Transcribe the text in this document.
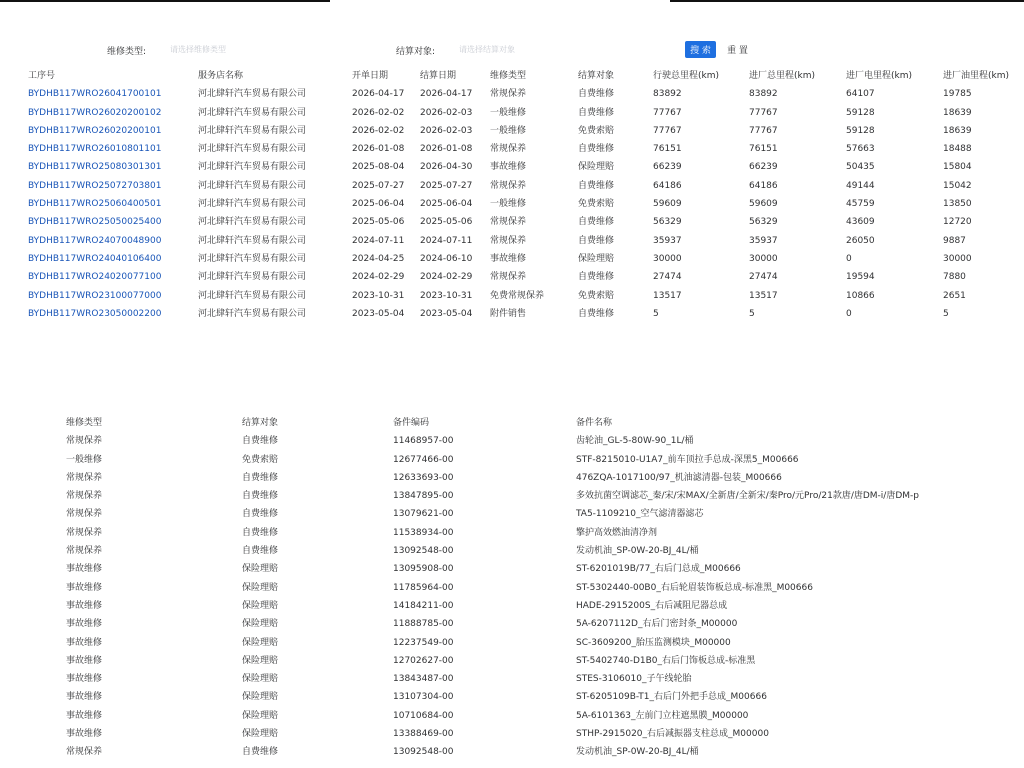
维修类型:
请选择维修类型	结算对象:
请选择结算对象	搜 索	重 置
工序号	服务店名称	开单日期	结算日期	维修类型	结算对象	行驶总里程(km)	进厂总里程(km)	进厂电里程(km)	进厂油里程(km)
BYDHB117WRO26041700101	河北肆轩汽车贸易有限公司	2026-04-17	2026-04-17	常规保养	自费维修	83892	83892	64107	19785
BYDHB117WRO26020200102	河北肆轩汽车贸易有限公司	2026-02-02	2026-02-03	一般维修	自费维修	77767	77767	59128	18639
BYDHB117WRO26020200101	河北肆轩汽车贸易有限公司	2026-02-02	2026-02-03	一般维修	免费索赔	77767	77767	59128	18639
BYDHB117WRO26010801101	河北肆轩汽车贸易有限公司	2026-01-08	2026-01-08	常规保养	自费维修	76151	76151	57663	18488
BYDHB117WRO25080301301	河北肆轩汽车贸易有限公司	2025-08-04	2026-04-30	事故维修	保险理赔	66239	66239	50435	15804
BYDHB117WRO25072703801	河北肆轩汽车贸易有限公司	2025-07-27	2025-07-27	常规保养	自费维修	64186	64186	49144	15042
BYDHB117WRO25060400501	河北肆轩汽车贸易有限公司	2025-06-04	2025-06-04	一般维修	免费索赔	59609	59609	45759	13850
BYDHB117WRO25050025400	河北肆轩汽车贸易有限公司	2025-05-06	2025-05-06	常规保养	自费维修	56329	56329	43609	12720
BYDHB117WRO24070048900	河北肆轩汽车贸易有限公司	2024-07-11	2024-07-11	常规保养	自费维修	35937	35937	26050	9887
BYDHB117WRO24040106400	河北肆轩汽车贸易有限公司	2024-04-25	2024-06-10	事故维修	保险理赔	30000	30000	0	30000
BYDHB117WRO24020077100	河北肆轩汽车贸易有限公司	2024-02-29	2024-02-29	常规保养	自费维修	27474	27474	19594	7880
BYDHB117WRO23100077000	河北肆轩汽车贸易有限公司	2023-10-31	2023-10-31	免费常规保养	免费索赔	13517	13517	10866	2651
BYDHB117WRO23050002200	河北肆轩汽车贸易有限公司	2023-05-04	2023-05-04	附件销售	自费维修	5	5	0	5
维修类型	结算对象	备件编码	备件名称
常规保养	自费维修	11468957-00	齿轮油_GL-5-80W-90_1L/桶
一般维修	免费索赔	12677466-00	STF-8215010-U1A7_前车顶拉手总成-深黑5_M00666
常规保养	自费维修	12633693-00	476ZQA-1017100/97_机油滤清器-包装_M00666
常规保养	自费维修	13847895-00	多效抗菌空调滤芯_秦/宋/宋MAX/全新唐/全新宋/秦Pro/元Pro/21款唐/唐DM-i/唐DM-p
常规保养	自费维修	13079621-00	TA5-1109210_空气滤清器滤芯
常规保养	自费维修	11538934-00	擎护高效燃油清净剂
常规保养	自费维修	13092548-00	发动机油_SP-0W-20-BJ_4L/桶
事故维修	保险理赔	13095908-00	ST-6201019B/77_右后门总成_M00666
事故维修	保险理赔	11785964-00	ST-5302440-00B0_右后轮眉装饰板总成-标准黑_M00666
事故维修	保险理赔	14184211-00	HADE-2915200S_右后减阻尼器总成
事故维修	保险理赔	11888785-00	5A-6207112D_右后门密封条_M00000
事故维修	保险理赔	12237549-00	SC-3609200_胎压监测模块_M00000
事故维修	保险理赔	12702627-00	ST-5402740-D1B0_右后门饰板总成-标准黑
事故维修	保险理赔	13843487-00	STES-3106010_子午线轮胎
事故维修	保险理赔	13107304-00	ST-6205109B-T1_右后门外把手总成_M00666
事故维修	保险理赔	10710684-00	5A-6101363_左前门立柱遮黑膜_M00000
事故维修	保险理赔	13388469-00	STHP-2915020_右后减振器支柱总成_M00000
常规保养	自费维修	13092548-00	发动机油_SP-0W-20-BJ_4L/桶
